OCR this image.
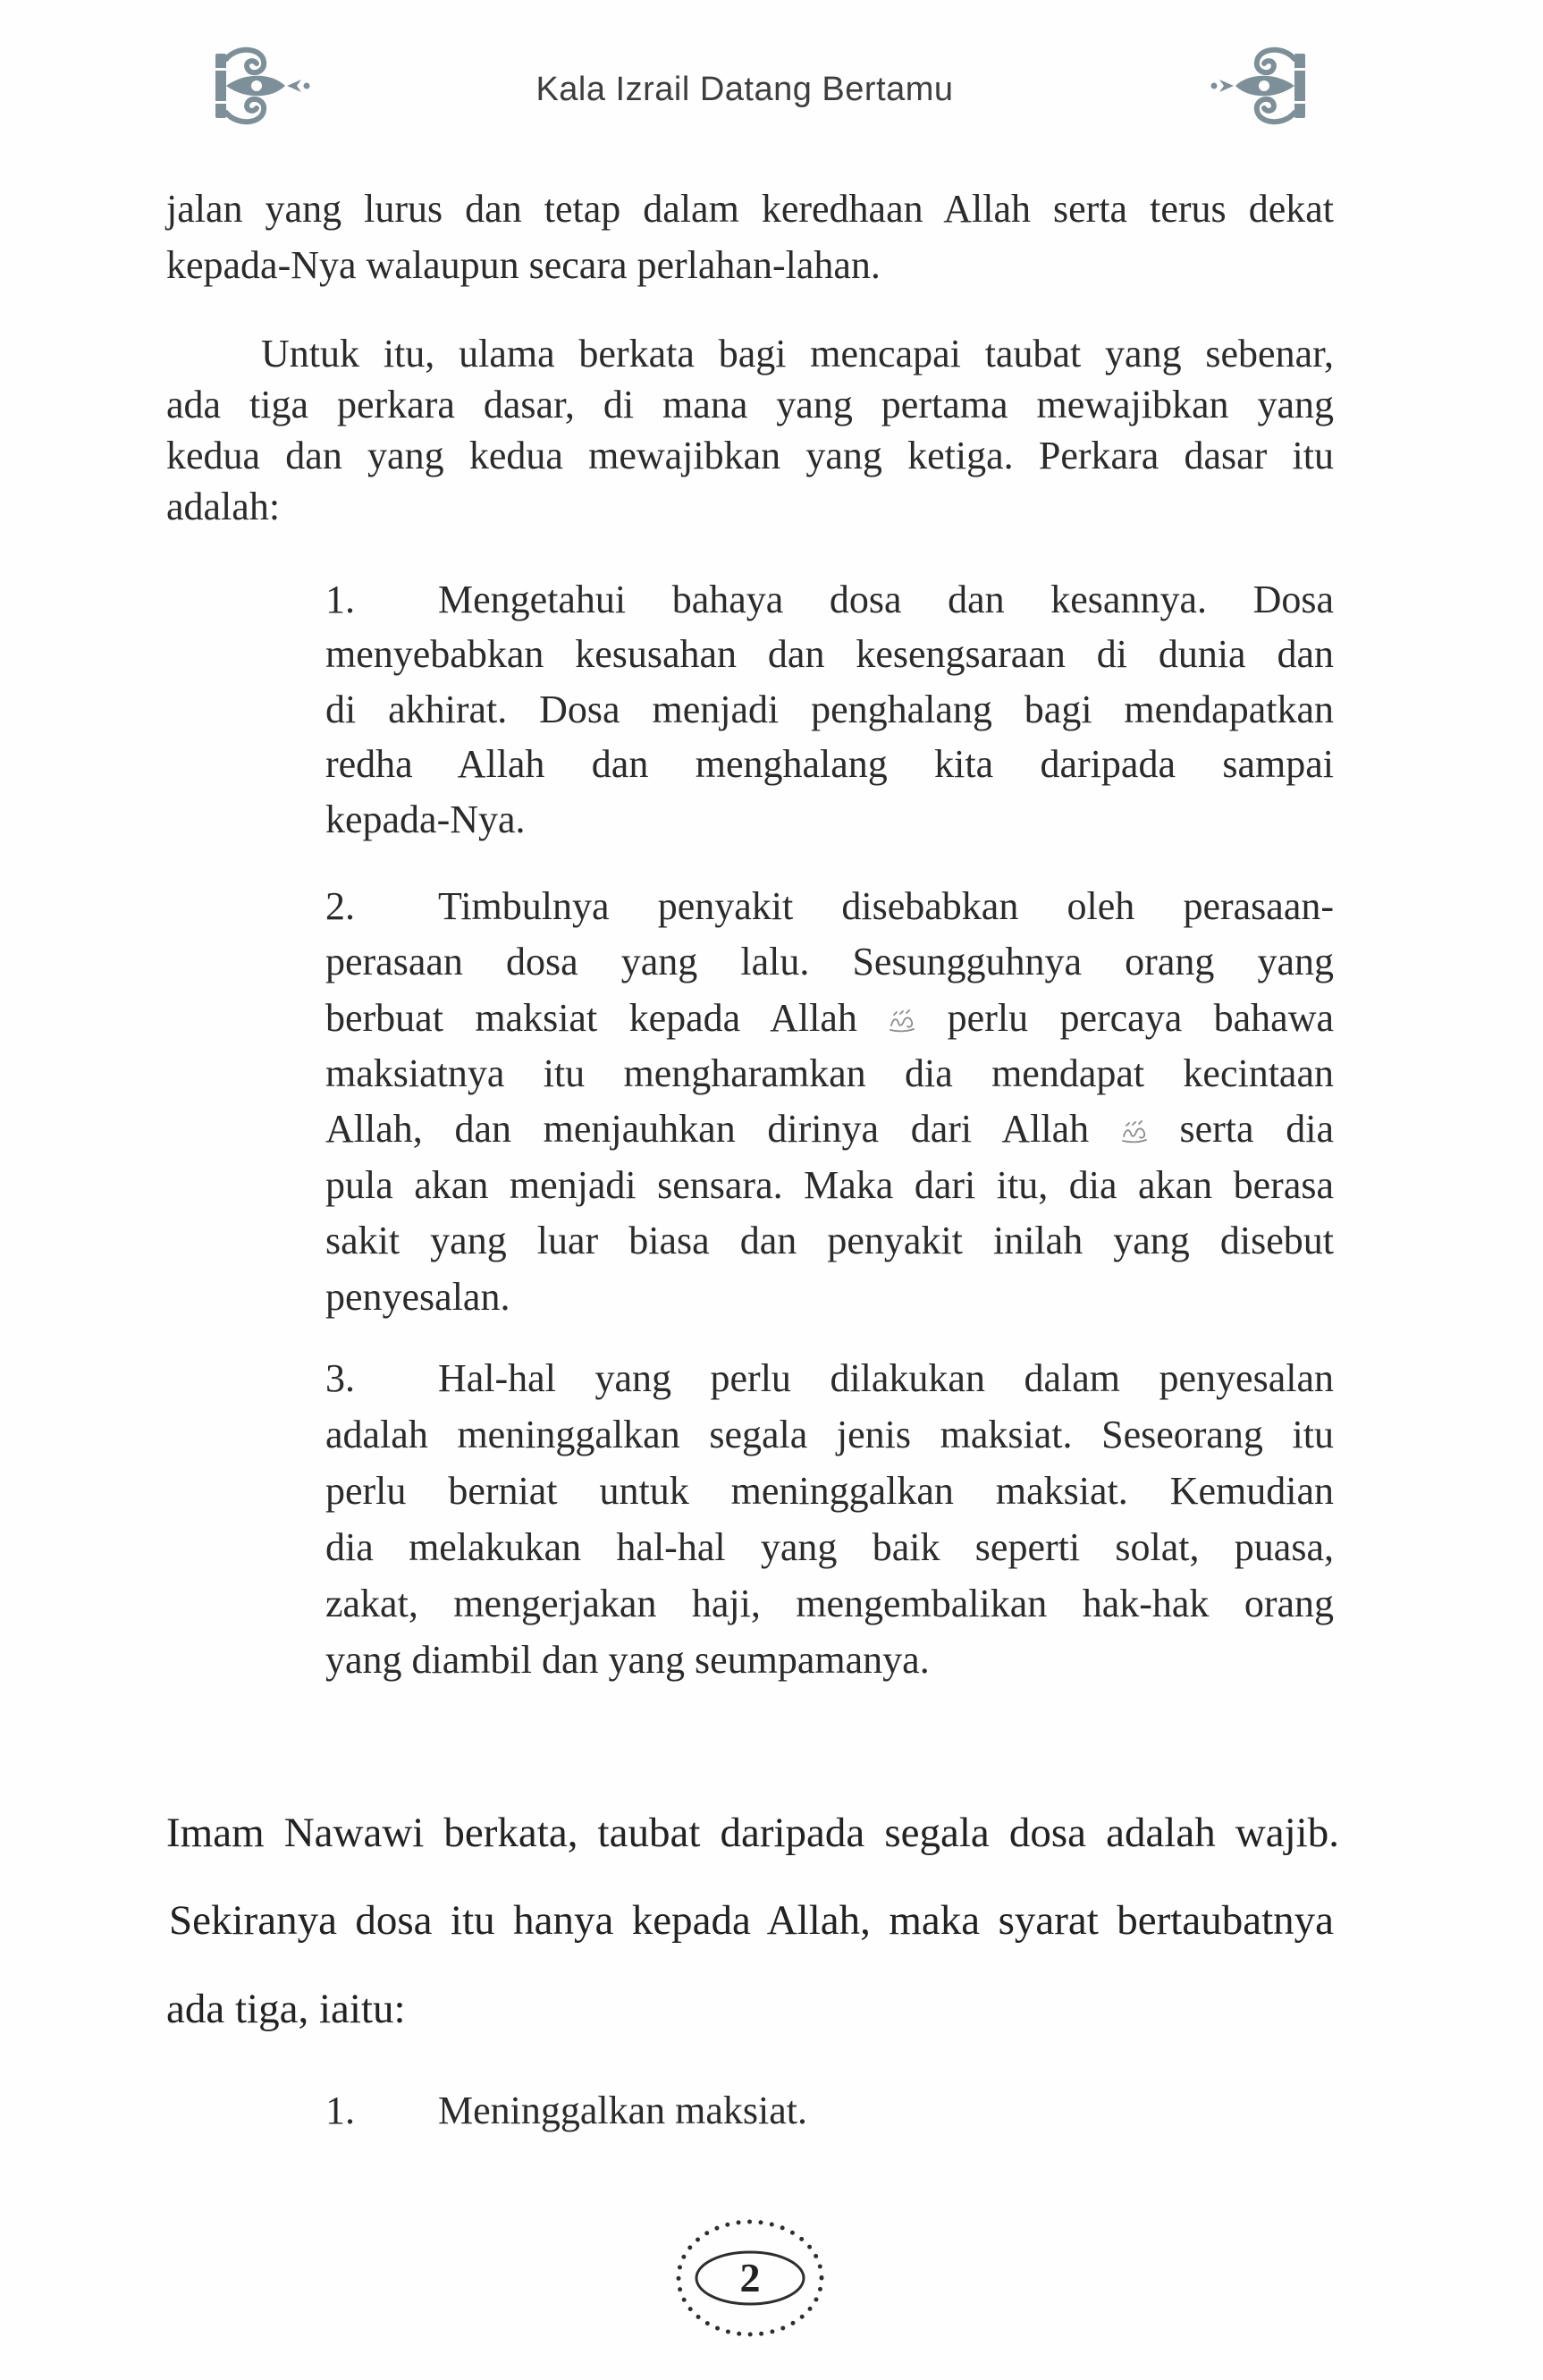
Kala Izrail Datang Bertamu
jalan yang lurus dan tetap dalam keredhaan Allah serta terus dekat
kepada-Nya walaupun secara perlahan-lahan.
Untuk itu, ulama berkata bagi mencapai taubat yang sebenar,
ada tiga perkara dasar, di mana yang pertama mewajibkan yang
kedua dan yang kedua mewajibkan yang ketiga. Perkara dasar itu
adalah:
1. Mengetahui bahaya dosa dan kesannya. Dosa
menyebabkan kesusahan dan kesengsaraan di dunia dan
di akhirat. Dosa menjadi penghalang bagi mendapatkan
redha Allah dan menghalang kita daripada sampai
kepada-Nya.
2. Timbulnya penyakit disebabkan oleh perasaan-
perasaan dosa yang lalu. Sesungguhnya orang yang
berbuat maksiat kepada Allah perlu percaya bahawa
maksiatnya itu mengharamkan dia mendapat kecintaan
Allah, dan menjauhkan dirinya dari Allah serta dia
pula akan menjadi sensara. Maka dari itu, dia akan berasa
sakit yang luar biasa dan penyakit inilah yang disebut
penyesalan.
3. Hal-hal yang perlu dilakukan dalam penyesalan
adalah meninggalkan segala jenis maksiat. Seseorang itu
perlu berniat untuk meninggalkan maksiat. Kemudian
dia melakukan hal-hal yang baik seperti solat, puasa,
zakat, mengerjakan haji, mengembalikan hak-hak orang
yang diambil dan yang seumpamanya.
Imam Nawawi berkata, taubat daripada segala dosa adalah wajib.
Sekiranya dosa itu hanya kepada Allah, maka syarat bertaubatnya
ada tiga, iaitu:
1. Meninggalkan maksiat.
2
